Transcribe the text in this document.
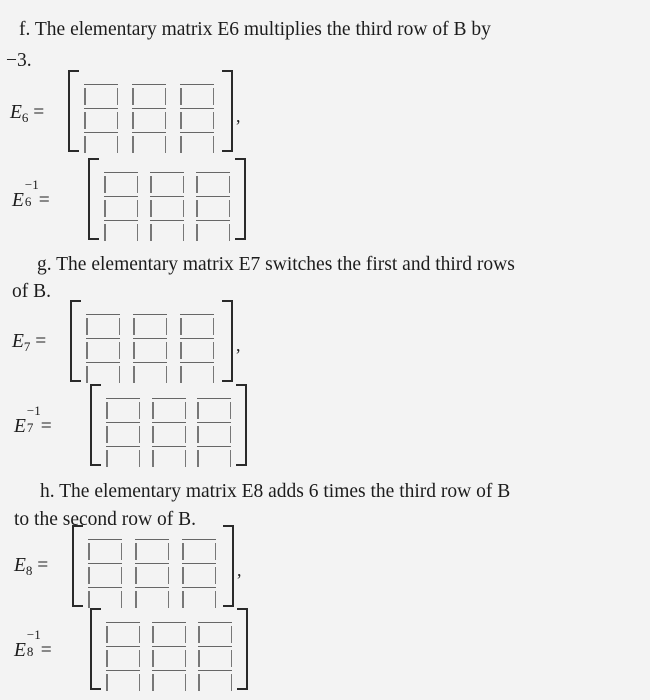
f. The elementary matrix E6 multiplies the third row of B by
−3.
$E_6$ =	,
E
−1
6 =
g. The elementary matrix E7 switches the first and third rows
of B.
$E_7$ =	,
E
−1
7 =
h. The elementary matrix E8 adds 6 times the third row of B
to the second row of B.
$E_8$ =	,
E
−1
8 =
